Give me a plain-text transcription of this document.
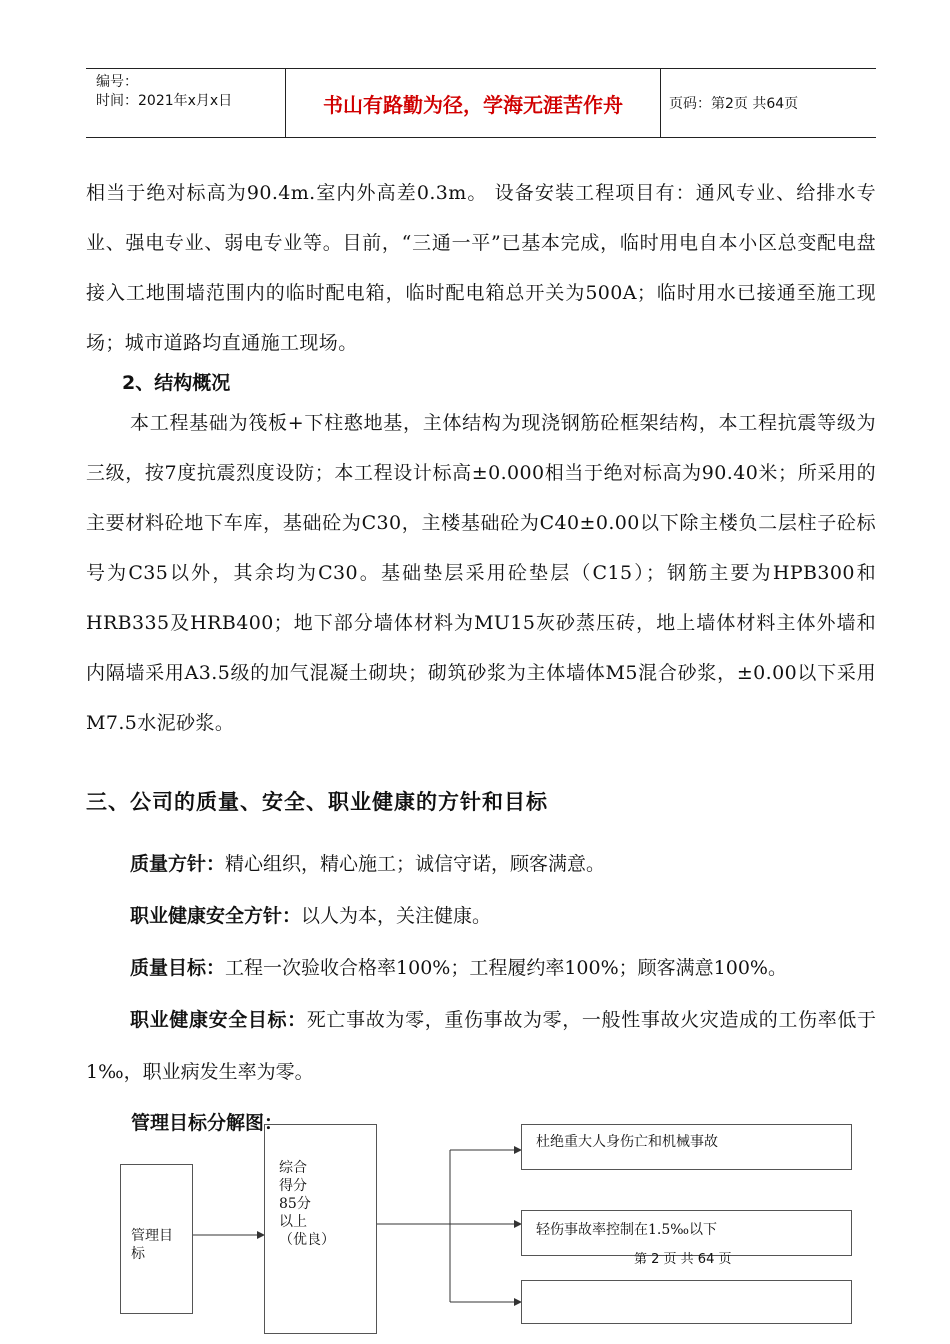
编号：
时间：2021年x月x日	书山有路勤为径，学海无涯苦作舟	页码：第2页 共64页

相当于绝对标高为90.4m.室内外高差0.3m。 设备安装工程项目有：通风专业、给排水专业、强电专业、弱电专业等。目前，“三通一平”已基本完成，临时用电自本小区总变配电盘接入工地围墙范围内的临时配电箱，临时配电箱总开关为500A；临时用水已接通至施工现场；城市道路均直通施工现场。

2、结构概况

本工程基础为筏板+下柱憨地基，主体结构为现浇钢筋砼框架结构，本工程抗震等级为三级，按7度抗震烈度设防；本工程设计标高±0.000相当于绝对标高为90.40米；所采用的主要材料砼地下车库，基础砼为C30，主楼基础砼为C40±0.00以下除主楼负二层柱子砼标号为C35以外，其余均为C30。基础垫层采用砼垫层（C15）；钢筋主要为HPB300和HRB335及HRB400；地下部分墙体材料为MU15灰砂蒸压砖，地上墙体材料主体外墙和内隔墙采用A3.5级的加气混凝土砌块；砌筑砂浆为主体墙体M5混合砂浆，±0.00以下采用M7.5水泥砂浆。

三、公司的质量、安全、职业健康的方针和目标

质量方针：精心组织，精心施工；诚信守诺，顾客满意。

职业健康安全方针：以人为本，关注健康。

质量目标：工程一次验收合格率100%；工程履约率100%；顾客满意100%。

职业健康安全目标：死亡事故为零，重伤事故为零，一般性事故火灾造成的工伤率低于1‰，职业病发生率为零。

管理目标分解图：
管理目标
综合
得分
85分
以上
（优良）
杜绝重大人身伤亡和机械事故
轻伤事故率控制在1.5‰以下
第 2 页 共 64 页
